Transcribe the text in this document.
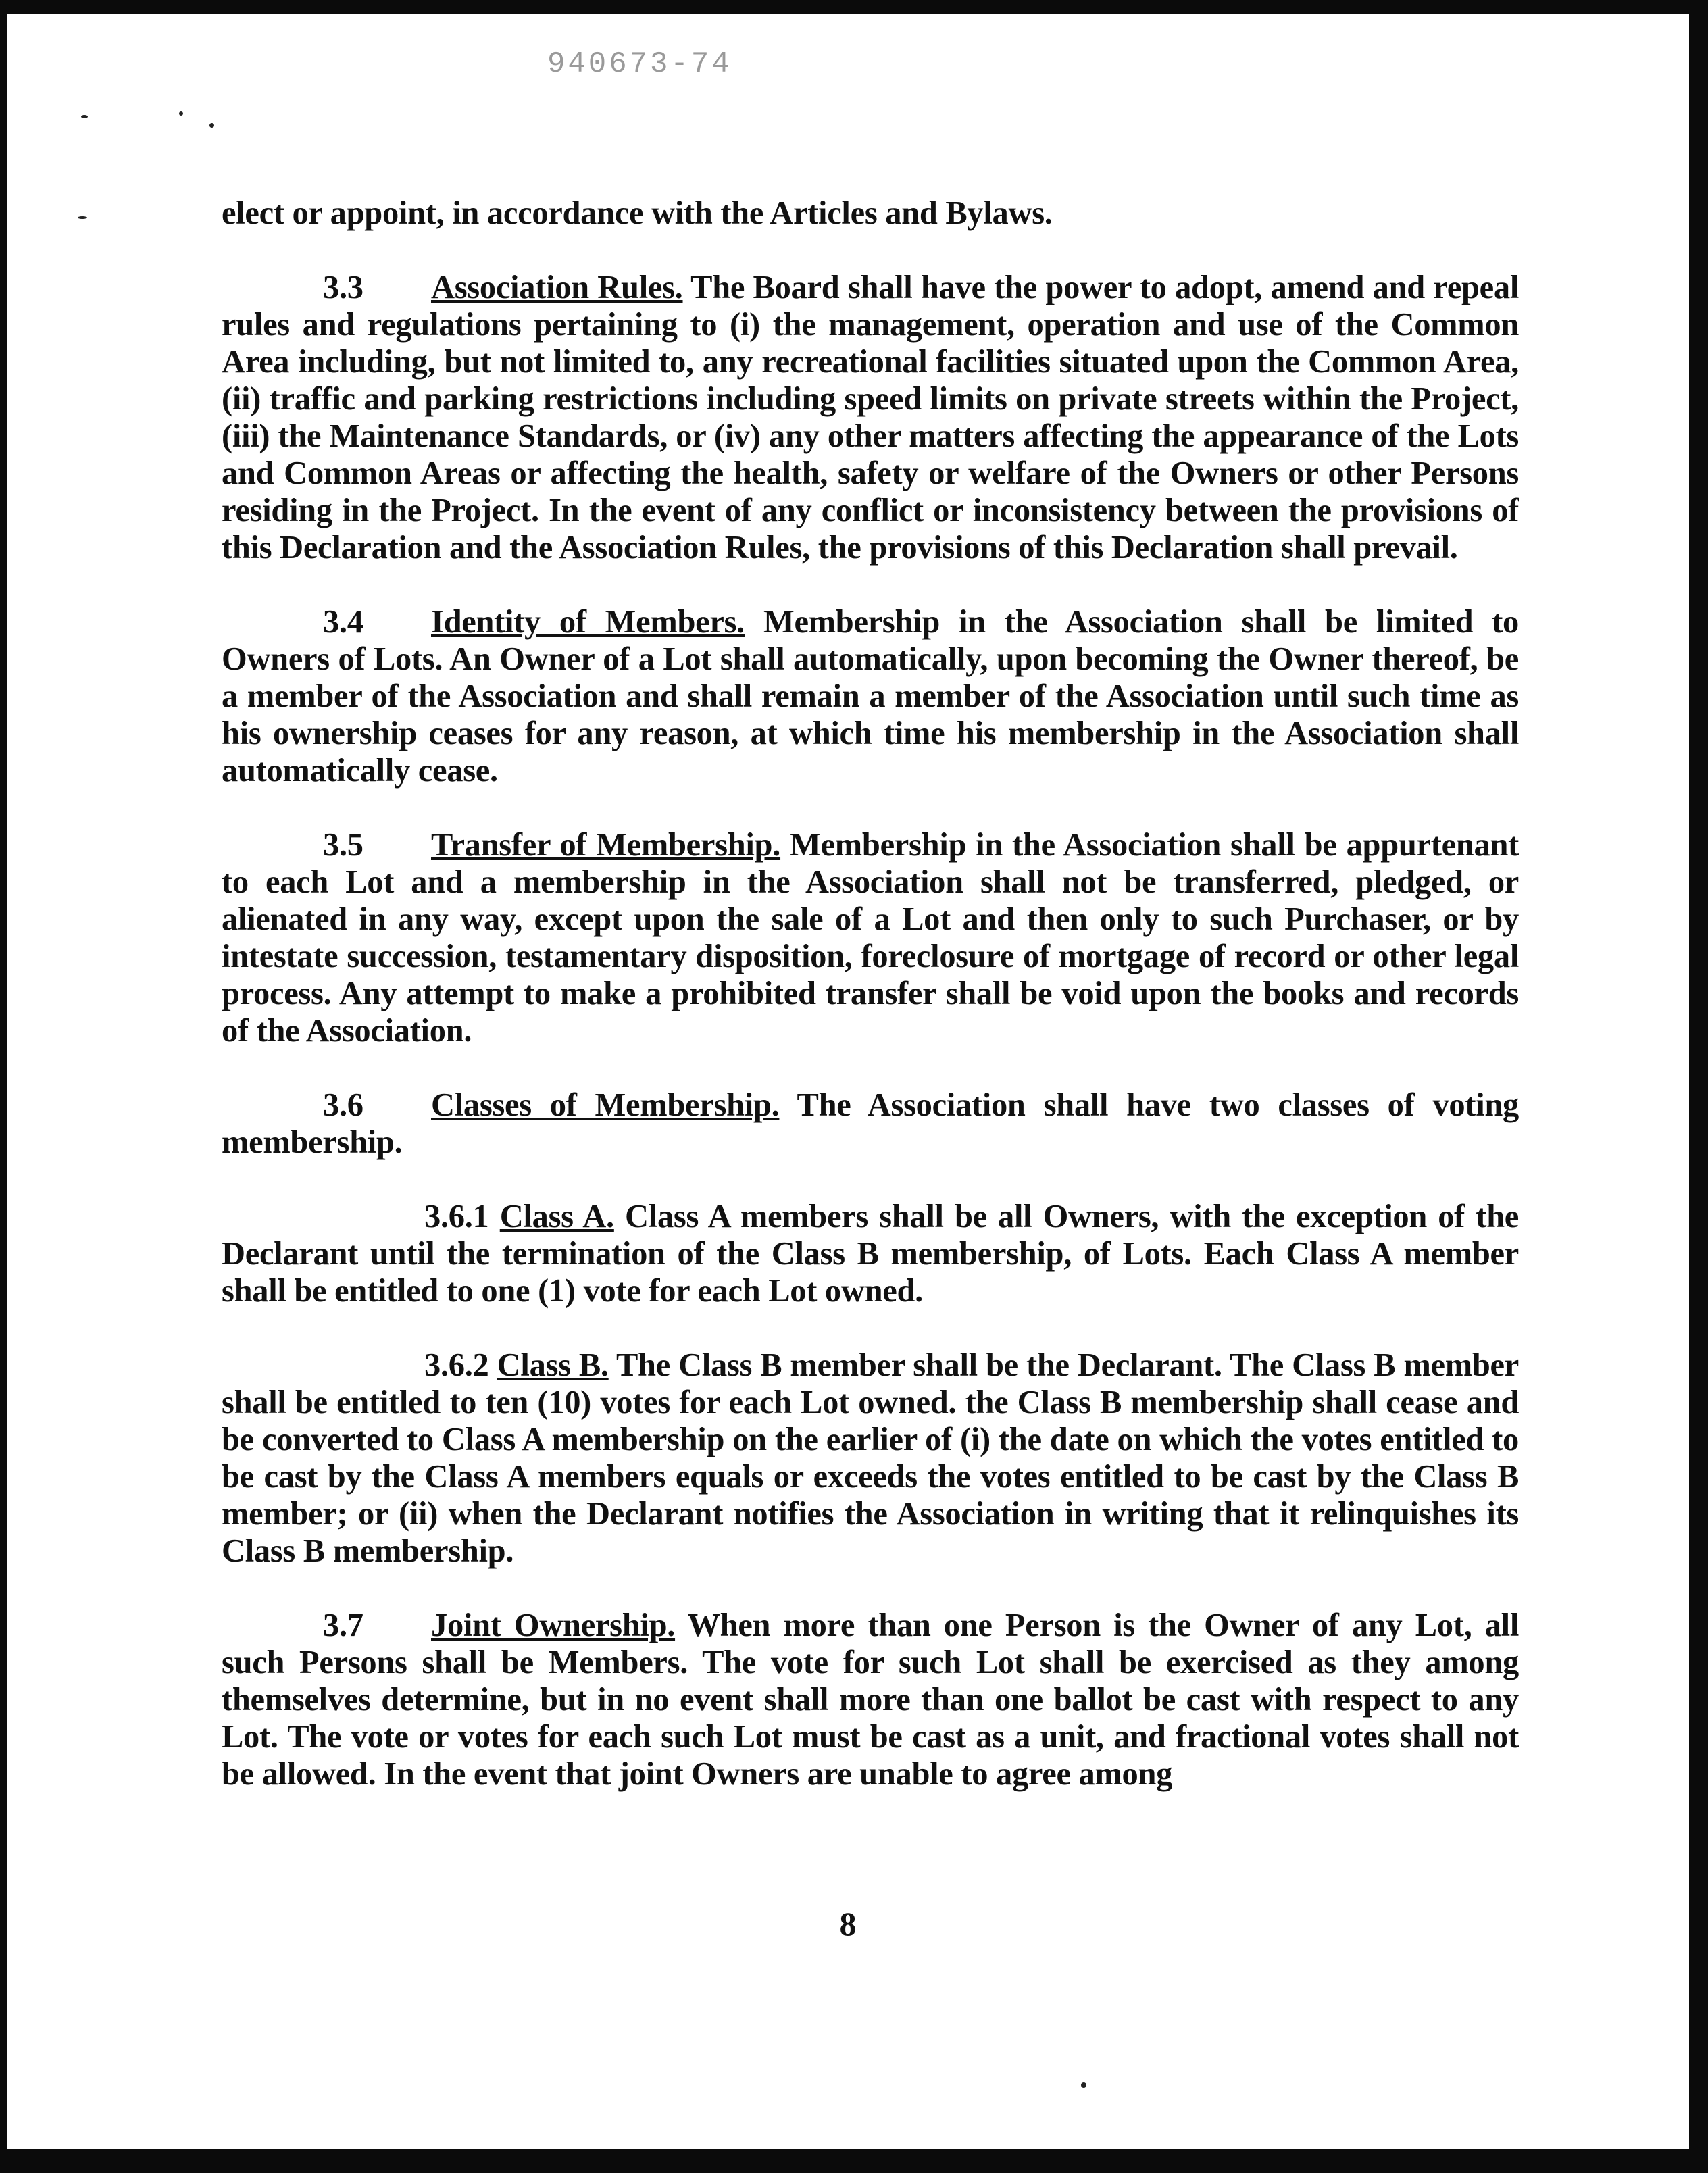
940673-74

elect or appoint, in accordance with the Articles and Bylaws.

3.3 Association Rules. The Board shall have the power to adopt, amend and repeal rules and regulations pertaining to (i) the management, operation and use of the Common Area including, but not limited to, any recreational facilities situated upon the Common Area, (ii) traffic and parking restrictions including speed limits on private streets within the Project, (iii) the Maintenance Standards, or (iv) any other matters affecting the appearance of the Lots and Common Areas or affecting the health, safety or welfare of the Owners or other Persons residing in the Project. In the event of any conflict or inconsistency between the provisions of this Declaration and the Association Rules, the provisions of this Declaration shall prevail.

3.4 Identity of Members. Membership in the Association shall be limited to Owners of Lots. An Owner of a Lot shall automatically, upon becoming the Owner thereof, be a member of the Association and shall remain a member of the Association until such time as his ownership ceases for any reason, at which time his membership in the Association shall automatically cease.

3.5 Transfer of Membership. Membership in the Association shall be appurtenant to each Lot and a membership in the Association shall not be transferred, pledged, or alienated in any way, except upon the sale of a Lot and then only to such Purchaser, or by intestate succession, testamentary disposition, foreclosure of mortgage of record or other legal process. Any attempt to make a prohibited transfer shall be void upon the books and records of the Association.

3.6 Classes of Membership. The Association shall have two classes of voting membership.

3.6.1 Class A. Class A members shall be all Owners, with the exception of the Declarant until the termination of the Class B membership, of Lots. Each Class A member shall be entitled to one (1) vote for each Lot owned.

3.6.2 Class B. The Class B member shall be the Declarant. The Class B member shall be entitled to ten (10) votes for each Lot owned. the Class B membership shall cease and be converted to Class A membership on the earlier of (i) the date on which the votes entitled to be cast by the Class A members equals or exceeds the votes entitled to be cast by the Class B member; or (ii) when the Declarant notifies the Association in writing that it relinquishes its Class B membership.

3.7 Joint Ownership. When more than one Person is the Owner of any Lot, all such Persons shall be Members. The vote for such Lot shall be exercised as they among themselves determine, but in no event shall more than one ballot be cast with respect to any Lot. The vote or votes for each such Lot must be cast as a unit, and fractional votes shall not be allowed. In the event that joint Owners are unable to agree among

8
